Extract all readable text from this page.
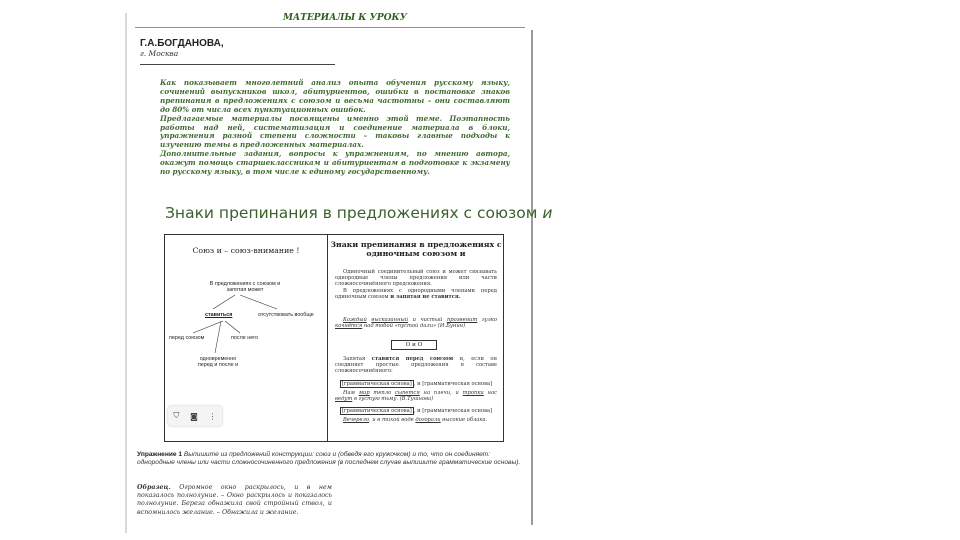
МАТЕРИАЛЫ К УРОКУ
Г.А.БОГДАНОВА,
г. Москва

Как показывает многолетний анализ опыта обучения русскому языку, сочинений выпускников школ, абитуриентов, ошибки в постановке знаков препинания в предложениях с союзом и весьма частотны – они составляют до 80% от числа всех пунктуационных ошибок.

Предлагаемые материалы посвящены именно этой теме. Поэтапность работы над ней, систематизация и соединение материала в блоки, упражнения разной степени сложности – таковы главные подходы к изучению темы в предложенных материалах.

Дополнительные задания, вопросы к упражнениям, по мнению автора, окажут помощь старшеклассникам и абитуриентам в подготовке к экзамену по русскому языку, в том числе к единому государственному.

Знаки препинания в предложениях с союзом и
Союз и – союз-внимание !
В предложениях с союзом и запятая может
ставиться	отсутствовать вообще
перед союзом	после него
одновременно перед и после и
⛉ ◙ ⋮
Знаки препинания в предложениях с одиночным союзом и

Одиночный соединительный союз и может связывать однородные члены предложения или части сложносочинённого предложения.

В предложениях с однородными членами перед одиночным союзом и запятая не ставится.

Каждый высказанный и чистый прозвенит гулко качнётся над тобой «пустой дали» (И.Бунин)

О и О

Запятая ставится перед союзом и, если он соединяет простые предложения в составе сложносочинённого:

[грамматическая основа] , и [грамматическая основа]

Нам мир тепло сыпется на плечи, и тропки нас ведут в густую тьму. (В.Тушнова)

[грамматическая основа] , и [грамматическая основа]

Вечерело, и в тихой воде догорали высокие облака.

Упражнение 1 Выпишите из предложений конструкции: союз и (обведя его кружочком) и то, что он соединяет: однородные члены или части сложносочиненного предложения (в последнем случае выпишите грамматические основы).
Образец. Огромное окно раскрылось, и в нем показалось полнолуние. – Окно раскрылось и показалось полнолуние. Береза обнажила свой стройный ствол, и вспомнилось желание. – Обнажила и желание.
